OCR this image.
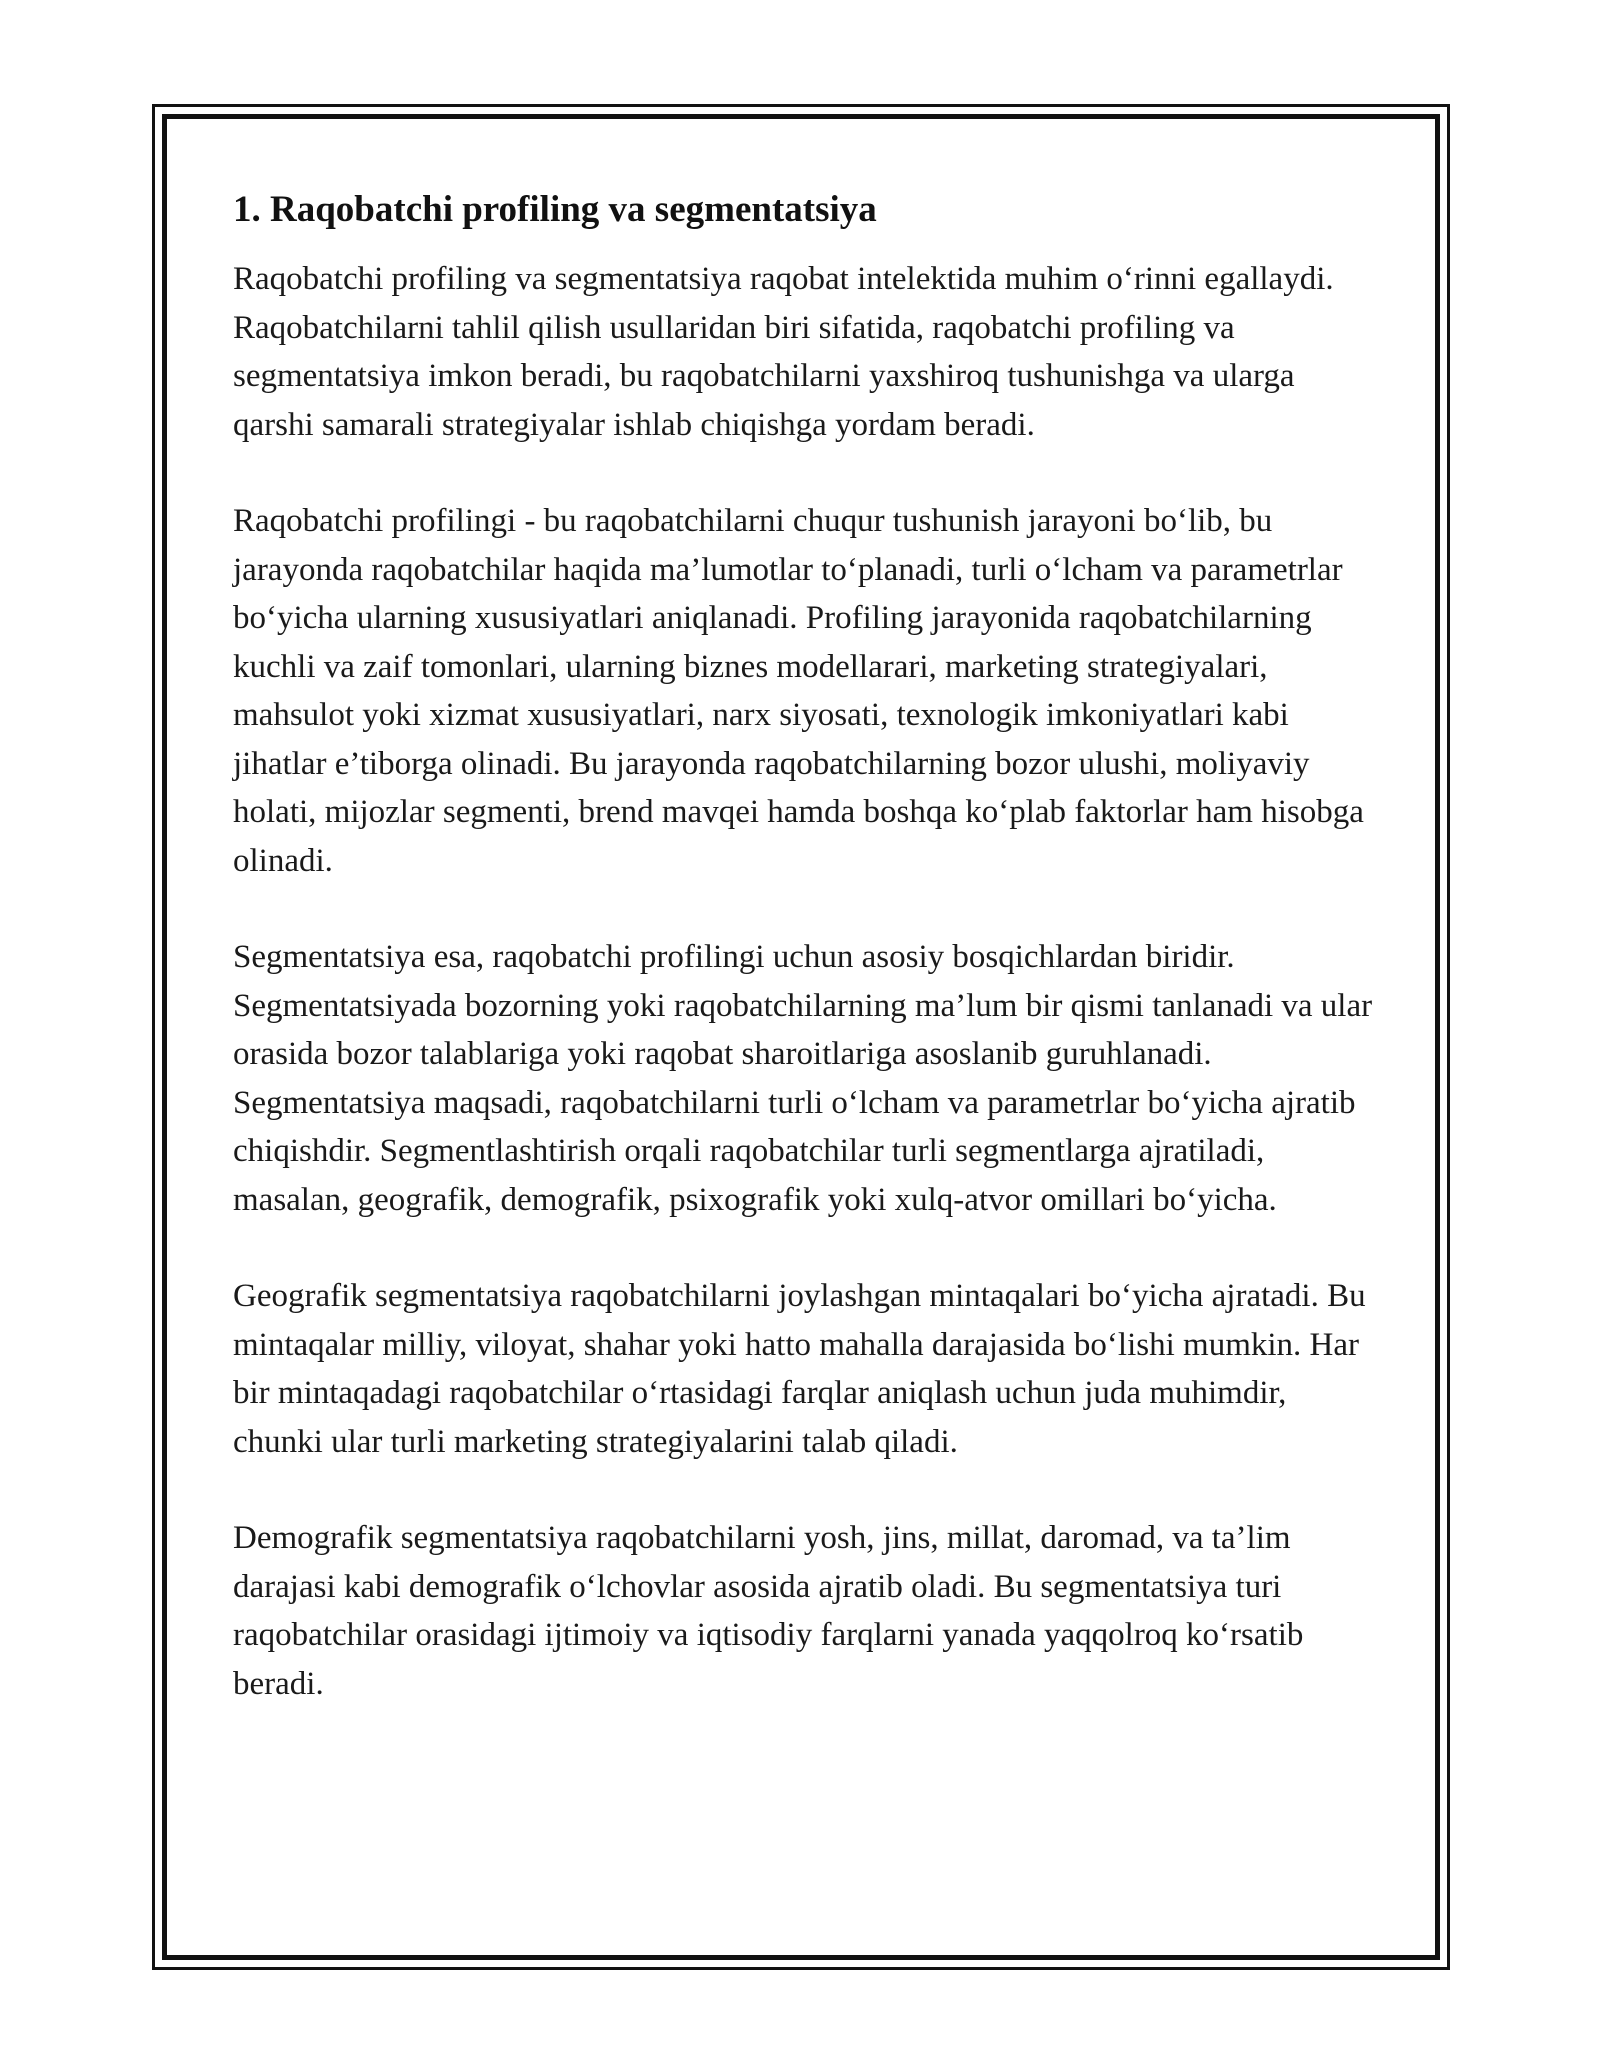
1. Raqobatchi profiling va segmentatsiya

Raqobatchi profiling va segmentatsiya raqobat intelektida muhim o‘rinni egallaydi. Raqobatchilarni tahlil qilish usullaridan biri sifatida, raqobatchi profiling va segmentatsiya imkon beradi, bu raqobatchilarni yaxshiroq tushunishga va ularga qarshi samarali strategiyalar ishlab chiqishga yordam beradi.

Raqobatchi profilingi - bu raqobatchilarni chuqur tushunish jarayoni bo‘lib, bu jarayonda raqobatchilar haqida ma’lumotlar to‘planadi, turli o‘lcham va parametrlar bo‘yicha ularning xususiyatlari aniqlanadi. Profiling jarayonida raqobatchilarning kuchli va zaif tomonlari, ularning biznes modellarari, marketing strategiyalari, mahsulot yoki xizmat xususiyatlari, narx siyosati, texnologik imkoniyatlari kabi jihatlar e’tiborga olinadi. Bu jarayonda raqobatchilarning bozor ulushi, moliyaviy holati, mijozlar segmenti, brend mavqei hamda boshqa ko‘plab faktorlar ham hisobga olinadi.

Segmentatsiya esa, raqobatchi profilingi uchun asosiy bosqichlardan biridir. Segmentatsiyada bozorning yoki raqobatchilarning ma’lum bir qismi tanlanadi va ular orasida bozor talablariga yoki raqobat sharoitlariga asoslanib guruhlanadi. Segmentatsiya maqsadi, raqobatchilarni turli o‘lcham va parametrlar bo‘yicha ajratib chiqishdir. Segmentlashtirish orqali raqobatchilar turli segmentlarga ajratiladi, masalan, geografik, demografik, psixografik yoki xulq-atvor omillari bo‘yicha.

Geografik segmentatsiya raqobatchilarni joylashgan mintaqalari bo‘yicha ajratadi. Bu mintaqalar milliy, viloyat, shahar yoki hatto mahalla darajasida bo‘lishi mumkin. Har bir mintaqadagi raqobatchilar o‘rtasidagi farqlar aniqlash uchun juda muhimdir, chunki ular turli marketing strategiyalarini talab qiladi.

Demografik segmentatsiya raqobatchilarni yosh, jins, millat, daromad, va ta’lim darajasi kabi demografik o‘lchovlar asosida ajratib oladi. Bu segmentatsiya turi raqobatchilar orasidagi ijtimoiy va iqtisodiy farqlarni yanada yaqqolroq ko‘rsatib beradi.
